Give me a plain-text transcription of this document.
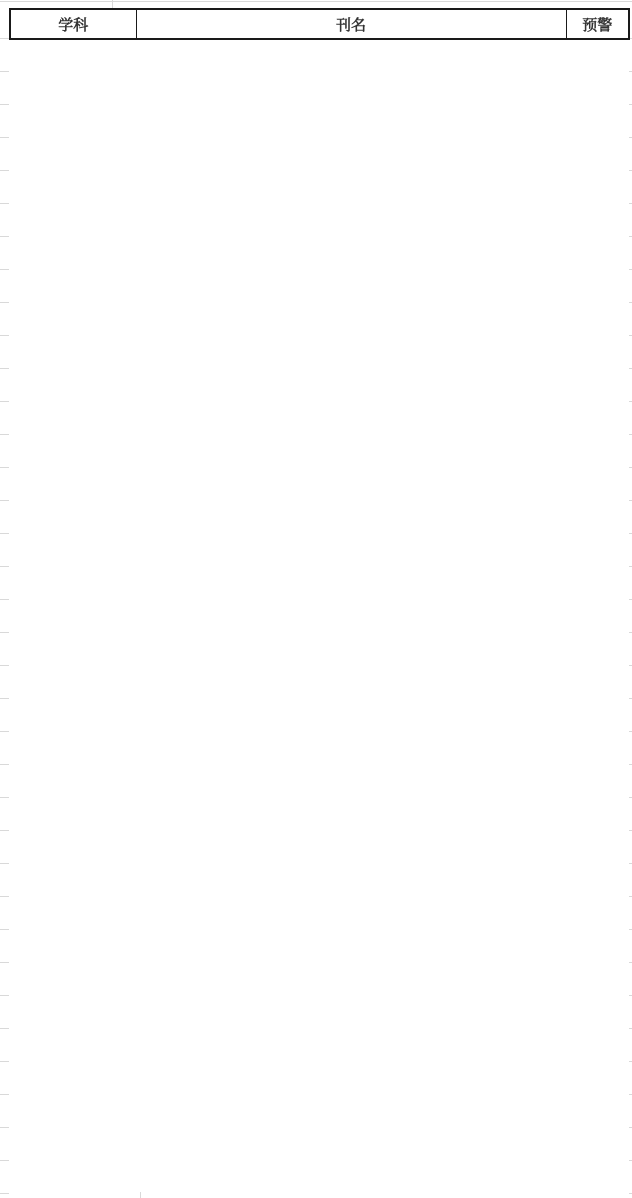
学科	刊名	预警
